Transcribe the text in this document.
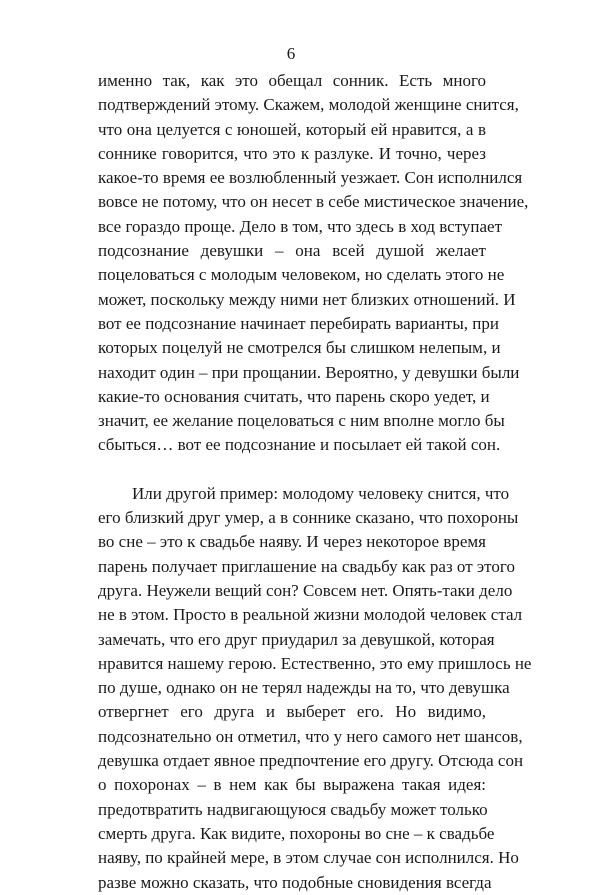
6

именно так, как это обещал сонник. Есть много
подтверждений этому. Скажем, молодой женщине снится,
что она целуется с юношей, который ей нравится, а в
соннике говорится, что это к разлуке. И точно, через
какое-то время ее возлюбленный уезжает. Сон исполнился
вовсе не потому, что он несет в себе мистическое значение,
все гораздо проще. Дело в том, что здесь в ход вступает
подсознание девушки – она всей душой желает
поцеловаться с молодым человеком, но сделать этого не
может, поскольку между ними нет близких отношений. И
вот ее подсознание начинает перебирать варианты, при
которых поцелуй не смотрелся бы слишком нелепым, и
находит один – при прощании. Вероятно, у девушки были
какие-то основания считать, что парень скоро уедет, и
значит, ее желание поцеловаться с ним вполне могло бы
сбыться… вот ее подсознание и посылает ей такой сон.

Или другой пример: молодому человеку снится, что
его близкий друг умер, а в соннике сказано, что похороны
во сне – это к свадьбе наяву. И через некоторое время
парень получает приглашение на свадьбу как раз от этого
друга. Неужели вещий сон? Совсем нет. Опять-таки дело
не в этом. Просто в реальной жизни молодой человек стал
замечать, что его друг приударил за девушкой, которая
нравится нашему герою. Естественно, это ему пришлось не
по душе, однако он не терял надежды на то, что девушка
отвергнет его друга и выберет его. Но видимо,
подсознательно он отметил, что у него самого нет шансов,
девушка отдает явное предпочтение его другу. Отсюда сон
о похоронах – в нем как бы выражена такая идея:
предотвратить надвигающуюся свадьбу может только
смерть друга. Как видите, похороны во сне – к свадьбе
наяву, по крайней мере, в этом случае сон исполнился. Но
разве можно сказать, что подобные сновидения всегда
